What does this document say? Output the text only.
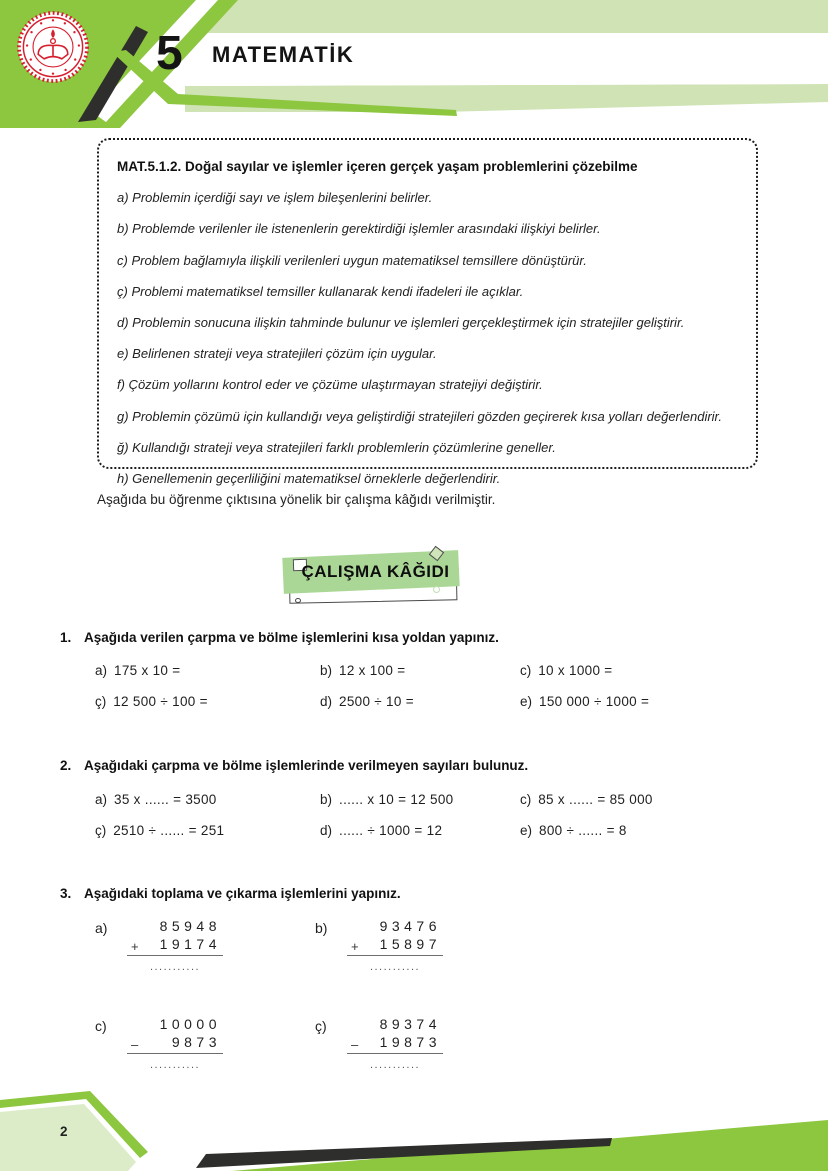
5 MATEMATİK
MAT.5.1.2. Doğal sayılar ve işlemler içeren gerçek yaşam problemlerini çözebilme
a) Problemin içerdiği sayı ve işlem bileşenlerini belirler.
b) Problemde verilenler ile istenenlerin gerektirdiği işlemler arasındaki ilişkiyi belirler.
c) Problem bağlamıyla ilişkili verilenleri uygun matematiksel temsillere dönüştürür.
ç) Problemi matematiksel temsiller kullanarak kendi ifadeleri ile açıklar.
d) Problemin sonucuna ilişkin tahminde bulunur ve işlemleri gerçekleştirmek için stratejiler geliştirir.
e) Belirlenen strateji veya stratejileri çözüm için uygular.
f) Çözüm yollarını kontrol eder ve çözüme ulaştırmayan stratejiyi değiştirir.
g) Problemin çözümü için kullandığı veya geliştirdiği stratejileri gözden geçirerek kısa yolları değerlendirir.
ğ) Kullandığı strateji veya stratejileri farklı problemlerin çözümlerine geneller.
h) Genellemenin geçerliliğini matematiksel örneklerle değerlendirir.
Aşağıda bu öğrenme çıktısına yönelik bir çalışma kâğıdı verilmiştir.
ÇALIŞMA KÂĞIDI
1. Aşağıda verilen çarpma ve bölme işlemlerini kısa yoldan yapınız.
a) 175 x 10 =	b) 12 x 100 =	c) 10 x 1000 =
ç) 12 500 ÷ 100 =	d) 2500 ÷ 10 =	e) 150 000 ÷ 1000 =
2. Aşağıdaki çarpma ve bölme işlemlerinde verilmeyen sayıları bulunuz.
a) 35 x ...... = 3500	b) ...... x 10 = 12 500	c) 85 x ...... = 85 000
ç) 2510 ÷ ...... = 251	d) ...... ÷ 1000 = 12	e) 800 ÷ ...... = 8
3. Aşağıdaki toplama ve çıkarma işlemlerini yapınız.
a)	85948
+ 19174
...........
b)	93476
+ 15897
...........
c)	10000
– 9873
...........
ç)	89374
– 19873
...........
2
